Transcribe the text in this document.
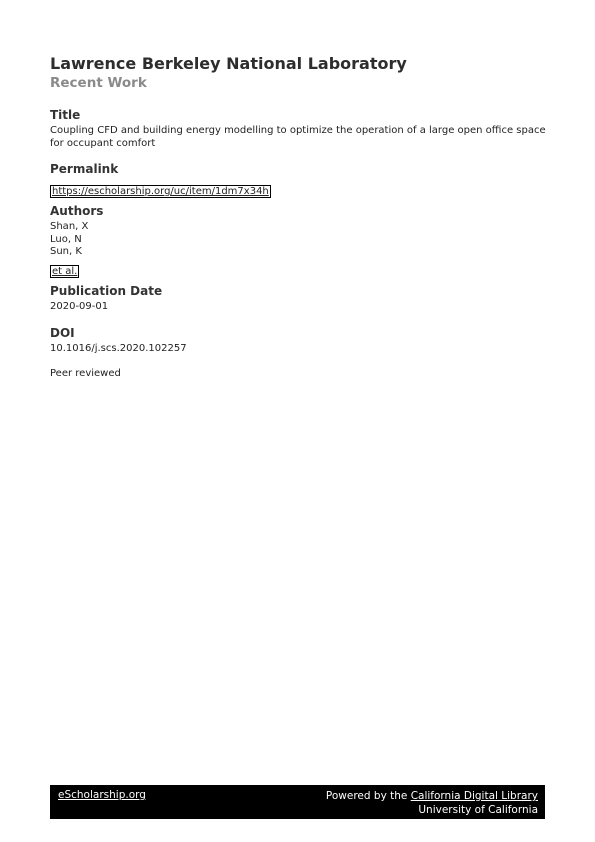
Lawrence Berkeley National Laboratory
Recent Work
Title
Coupling CFD and building energy modelling to optimize the operation of a large open office space for occupant comfort
Permalink
https://escholarship.org/uc/item/1dm7x34h
Authors
Shan, X
Luo, N
Sun, K
et al.
Publication Date
2020-09-01
DOI
10.1016/j.scs.2020.102257
Peer reviewed
eScholarship.org	Powered by the California Digital Library
University of California
